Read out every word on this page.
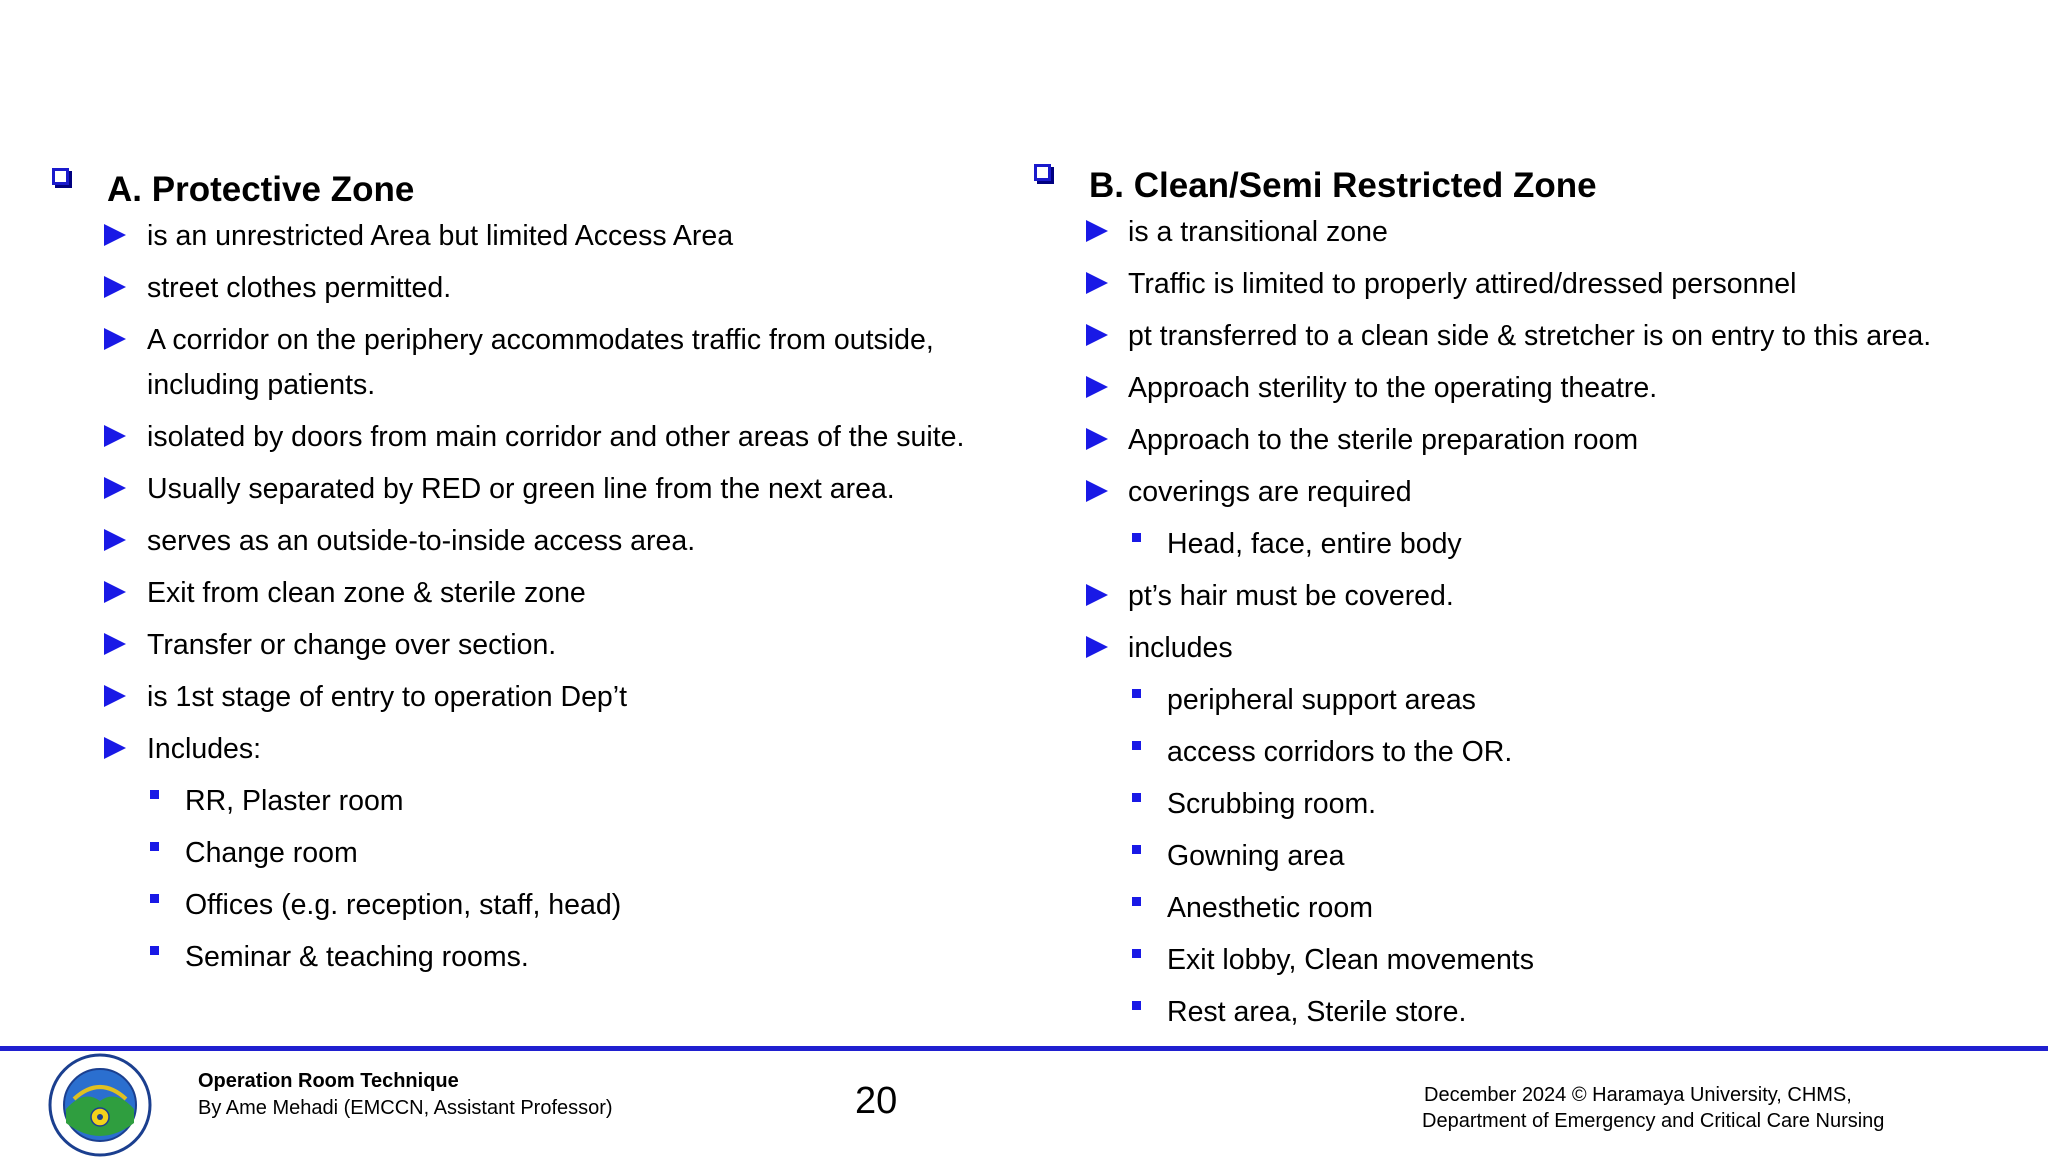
A. Protective Zone
is an unrestricted Area but limited Access Area
street clothes permitted.
A corridor on the periphery accommodates traffic from outside, including patients.
isolated by doors from main corridor and other areas of the suite.
Usually separated by RED or green line from the next area.
serves as an outside-to-inside access area.
Exit from clean zone & sterile zone
Transfer or change over section.
is 1st stage of entry to operation Dep’t
Includes:
RR, Plaster room
Change room
Offices (e.g. reception, staff, head)
Seminar & teaching rooms.
B. Clean/Semi Restricted Zone
is a transitional zone
Traffic is limited to properly attired/dressed personnel
pt transferred to a clean side & stretcher is on entry to this area.
Approach sterility to the operating theatre.
Approach to the sterile preparation room
coverings are required
Head, face, entire body
pt’s hair must be covered.
includes
peripheral support areas
access corridors to the OR.
Scrubbing room.
Gowning area
Anesthetic room
Exit lobby, Clean movements
Rest area, Sterile store.
Operation Room Technique
By Ame Mehadi (EMCCN, Assistant Professor)	20	December 2024 © Haramaya University, CHMS,
Department of Emergency and Critical Care Nursing
